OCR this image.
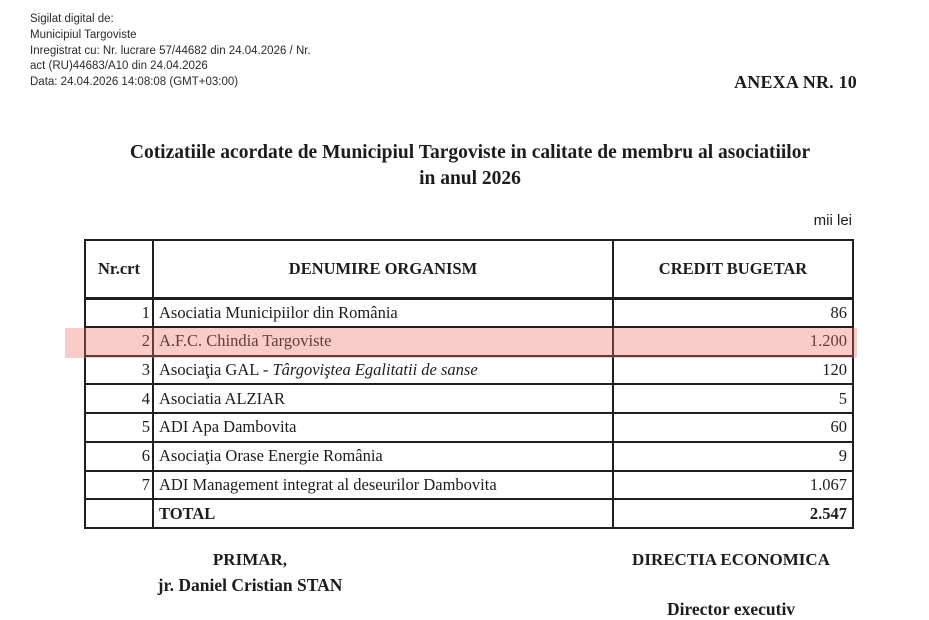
Sigilat digital de:
Municipiul Targoviste
Inregistrat cu: Nr. lucrare 57/44682 din 24.04.2026 / Nr.
act (RU)44683/A10 din 24.04.2026
Data: 24.04.2026 14:08:08 (GMT+03:00)	ANEXA NR. 10
Cotizatiile acordate de Municipiul Targoviste in calitate de membru al asociatiilor
in anul 2026
mii lei
Nr.crt	DENUMIRE ORGANISM	CREDIT BUGETAR
1	Asociatia Municipiilor din România	86
2	A.F.C. Chindia Targoviste	1.200
3	Asociaţia GAL - Târgoviştea Egalitatii de sanse	120
4	Asociatia ALZIAR	5
5	ADI Apa Dambovita	60
6	Asociaţia Orase Energie România	9
7	ADI Management integrat al deseurilor Dambovita	1.067
	TOTAL	2.547
PRIMAR,
jr. Daniel Cristian STAN
DIRECTIA ECONOMICA
Director executiv
